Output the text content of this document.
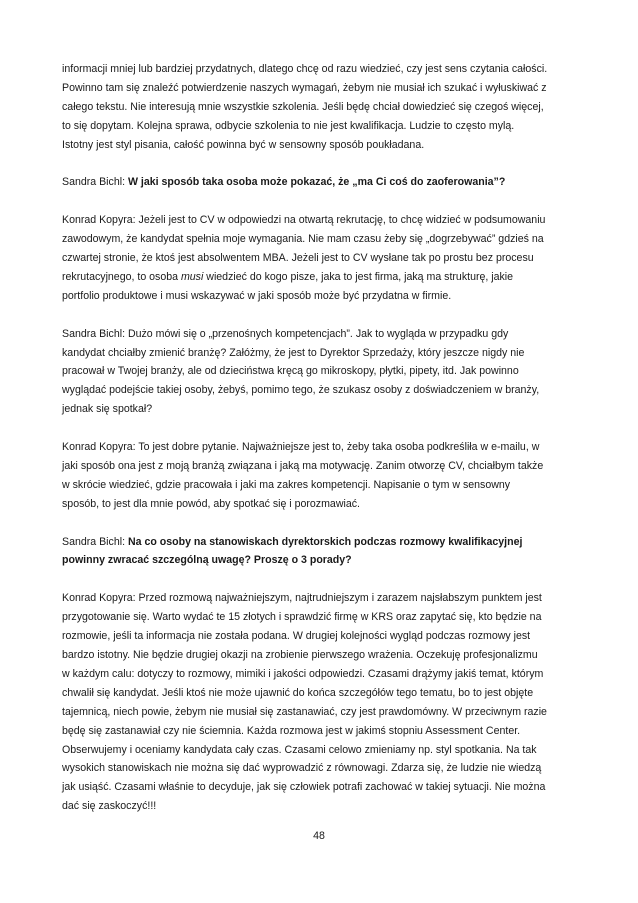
informacji mniej lub bardziej przydatnych, dlatego chcę od razu wiedzieć, czy jest sens czytania całości.
Powinno tam się znaleźć potwierdzenie naszych wymagań, żebym nie musiał ich szukać i wyłuskiwać z
całego tekstu. Nie interesują mnie wszystkie szkolenia. Jeśli będę chciał dowiedzieć się czegoś więcej,
to się dopytam. Kolejna sprawa, odbycie szkolenia to nie jest kwalifikacja. Ludzie to często mylą.
Istotny jest styl pisania, całość powinna być w sensowny sposób poukładana.

Sandra Bichl: W jaki sposób taka osoba może pokazać, że „ma Ci coś do zaoferowania”?

Konrad Kopyra: Jeżeli jest to CV w odpowiedzi na otwartą rekrutację, to chcę widzieć w podsumowaniu
zawodowym, że kandydat spełnia moje wymagania. Nie mam czasu żeby się „dogrzebywać” gdzieś na
czwartej stronie, że ktoś jest absolwentem MBA. Jeżeli jest to CV wysłane tak po prostu bez procesu
rekrutacyjnego, to osoba musi wiedzieć do kogo pisze, jaka to jest firma, jaką ma strukturę, jakie
portfolio produktowe i musi wskazywać w jaki sposób może być przydatna w firmie.

Sandra Bichl: Dużo mówi się o „przenośnych kompetencjach”. Jak to wygląda w przypadku gdy
kandydat chciałby zmienić branżę? Załóżmy, że jest to Dyrektor Sprzedaży, który jeszcze nigdy nie
pracował w Twojej branży, ale od dzieciństwa kręcą go mikroskopy, płytki, pipety, itd. Jak powinno
wyglądać podejście takiej osoby, żebyś, pomimo tego, że szukasz osoby z doświadczeniem w branży,
jednak się spotkał?

Konrad Kopyra: To jest dobre pytanie. Najważniejsze jest to, żeby taka osoba podkreśliła w e-mailu, w
jaki sposób ona jest z moją branżą związana i jaką ma motywację. Zanim otworzę CV, chciałbym także
w skrócie wiedzieć, gdzie pracowała i jaki ma zakres kompetencji. Napisanie o tym w sensowny
sposób, to jest dla mnie powód, aby spotkać się i porozmawiać.

Sandra Bichl: Na co osoby na stanowiskach dyrektorskich podczas rozmowy kwalifikacyjnej
powinny zwracać szczególną uwagę? Proszę o 3 porady?

Konrad Kopyra: Przed rozmową najważniejszym, najtrudniejszym i zarazem najsłabszym punktem jest
przygotowanie się. Warto wydać te 15 złotych i sprawdzić firmę w KRS oraz zapytać się, kto będzie na
rozmowie, jeśli ta informacja nie została podana. W drugiej kolejności wygląd podczas rozmowy jest
bardzo istotny. Nie będzie drugiej okazji na zrobienie pierwszego wrażenia. Oczekuję profesjonalizmu
w każdym calu: dotyczy to rozmowy, mimiki i jakości odpowiedzi. Czasami drążymy jakiś temat, którym
chwalił się kandydat. Jeśli ktoś nie może ujawnić do końca szczegółów tego tematu, bo to jest objęte
tajemnicą, niech powie, żebym nie musiał się zastanawiać, czy jest prawdomówny. W przeciwnym razie
będę się zastanawiał czy nie ściemnia. Każda rozmowa jest w jakimś stopniu Assessment Center.
Obserwujemy i oceniamy kandydata cały czas. Czasami celowo zmieniamy np. styl spotkania. Na tak
wysokich stanowiskach nie można się dać wyprowadzić z równowagi. Zdarza się, że ludzie nie wiedzą
jak usiąść. Czasami właśnie to decyduje, jak się człowiek potrafi zachować w takiej sytuacji. Nie można
dać się zaskoczyć!!!

48
